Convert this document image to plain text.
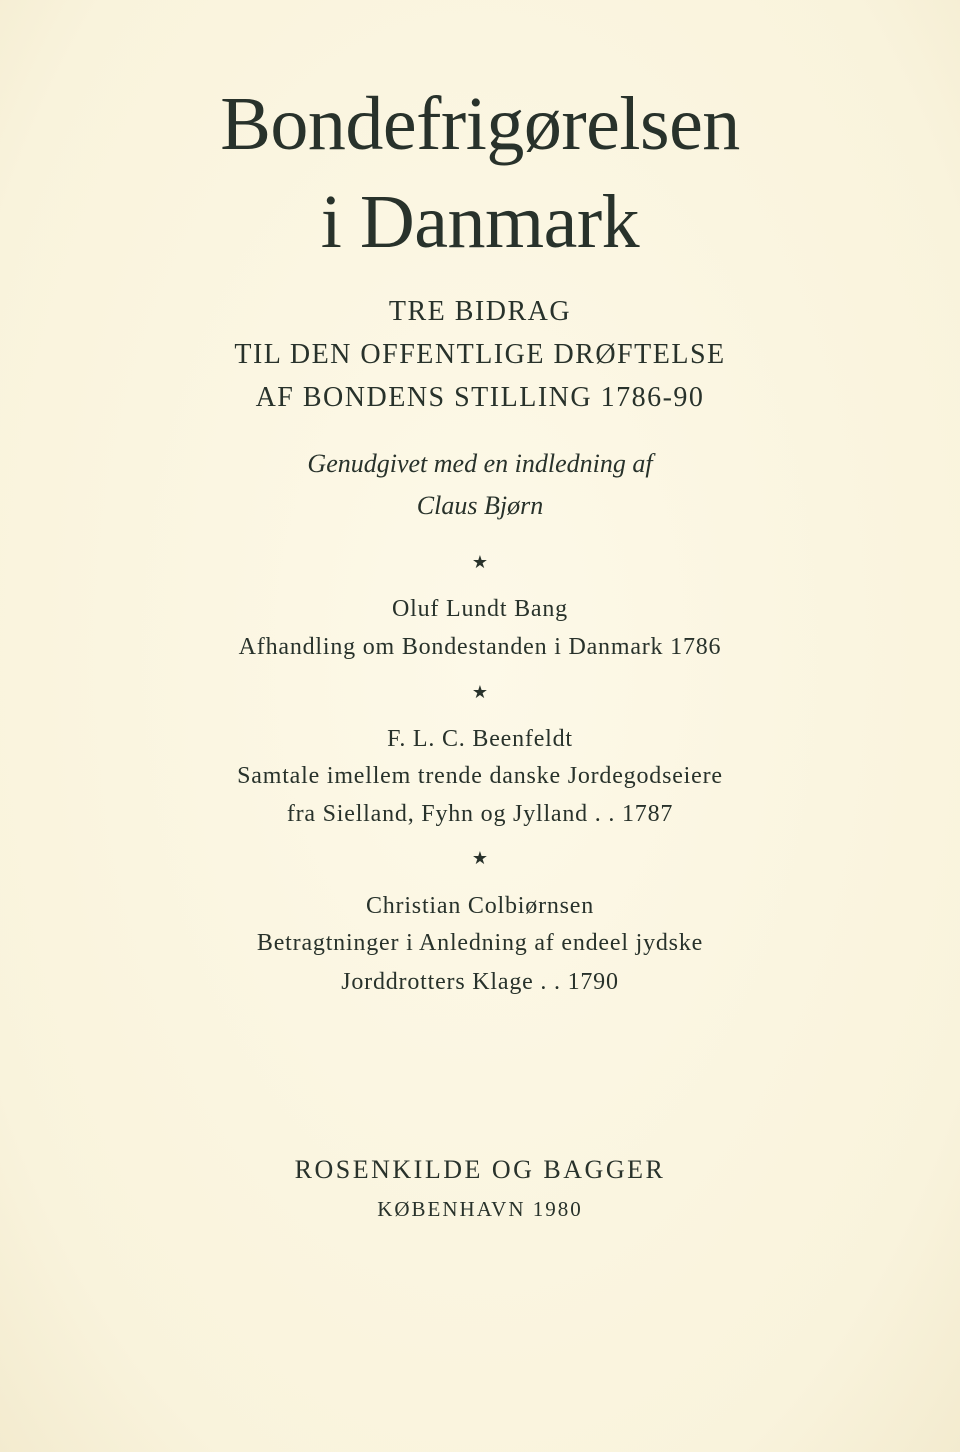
Bondefrigørelsen
i Danmark
TRE BIDRAG
TIL DEN OFFENTLIGE DRØFTELSE
AF BONDENS STILLING 1786-90
Genudgivet med en indledning af
Claus Bjørn
★
Oluf Lundt Bang
Afhandling om Bondestanden i Danmark 1786
★
F. L. C. Beenfeldt
Samtale imellem trende danske Jordegodseiere
fra Sielland, Fyhn og Jylland . . 1787
★
Christian Colbiørnsen
Betragtninger i Anledning af endeel jydske
Jorddrotters Klage . . 1790
ROSENKILDE OG BAGGER
KØBENHAVN 1980
